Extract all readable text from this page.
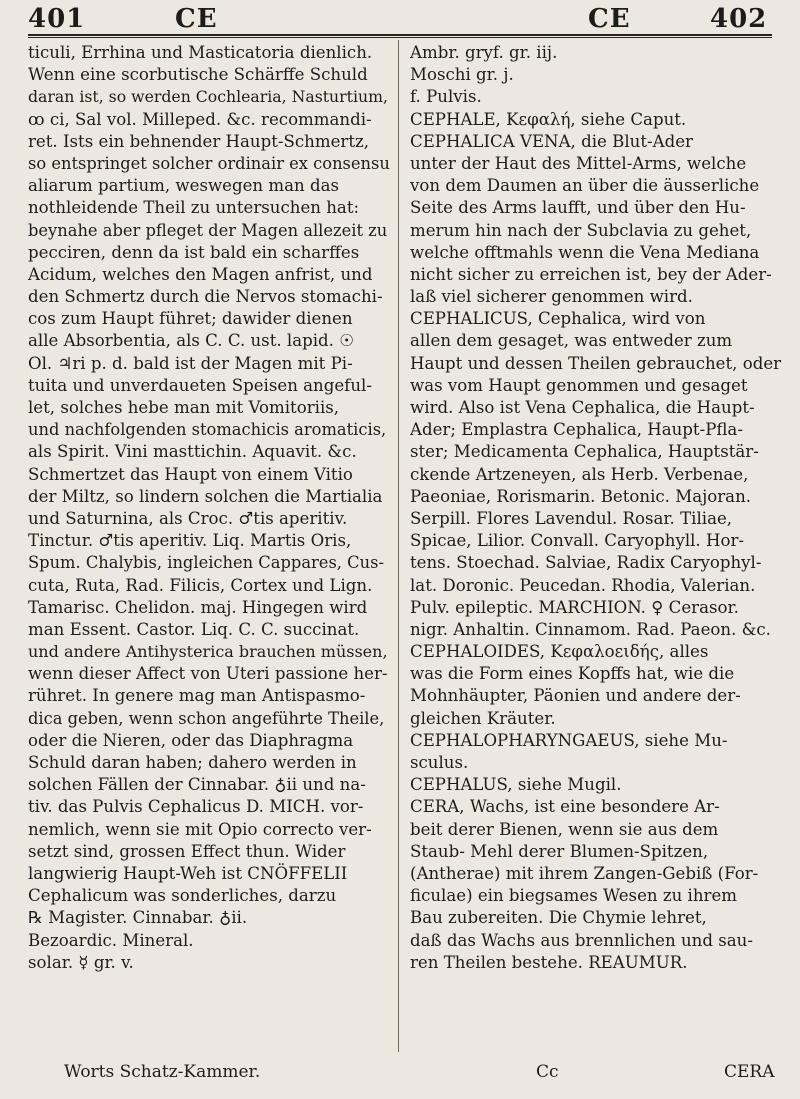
401	CE	CE	402
ticuli, Errhina und Masticatoria dienlich.
Wenn eine scorbutische Schärffe Schuld
daran ist, so werden Cochlearia, Nasturtium,
ꝏ ci, Sal vol. Milleped. &c. recommandi-
ret. Ists ein behnender Haupt-Schmertz,
so entspringet solcher ordinair ex consensu
aliarum partium, weswegen man das
nothleidende Theil zu untersuchen hat:
beynahe aber pfleget der Magen allezeit zu
pecciren, denn da ist bald ein scharffes
Acidum, welches den Magen anfrist, und
den Schmertz durch die Nervos stomachi-
cos zum Haupt führet; dawider dienen
alle Absorbentia, als C. C. ust. lapid. ☉
Ol. ♃ri p. d. bald ist der Magen mit Pi-
tuita und unverdaueten Speisen angeful-
let, solches hebe man mit Vomitoriis,
und nachfolgenden stomachicis aromaticis,
als Spirit. Vini masttichin. Aquavit. &c.
Schmertzet das Haupt von einem Vitio
der Miltz, so lindern solchen die Martialia
und Saturnina, als Croc. ♂tis aperitiv.
Tinctur. ♂tis aperitiv. Liq. Martis Oris,
Spum. Chalybis, ingleichen Cappares, Cus-
cuta, Ruta, Rad. Filicis, Cortex und Lign.
Tamarisc. Chelidon. maj. Hingegen wird
man Essent. Castor. Liq. C. C. succinat.
und andere Antihysterica brauchen müssen,
wenn dieser Affect von Uteri passione her-
rühret. In genere mag man Antispasmo-
dica geben, wenn schon angeführte Theile,
oder die Nieren, oder das Diaphragma
Schuld daran haben; dahero werden in
solchen Fällen der Cinnabar. ♁ii und na-
tiv. das Pulvis Cephalicus D. MICH. vor-
nemlich, wenn sie mit Opio correcto ver-
setzt sind, grossen Effect thun. Wider
langwierig Haupt-Weh ist CNÖFFELII
Cephalicum was sonderliches, darzu
℞ Magister. Cinnabar. ♁ii.
Bezoardic. Mineral.
solar. ☿ gr. v.
Ambr. gryf. gr. iij.
Moschi gr. j.
f. Pulvis.
CEPHALE, Κεφαλή, siehe Caput.
CEPHALICA VENA, die Blut-Ader
unter der Haut des Mittel-Arms, welche
von dem Daumen an über die äusserliche
Seite des Arms laufft, und über den Hu-
merum hin nach der Subclavia zu gehet,
welche offtmahls wenn die Vena Mediana
nicht sicher zu erreichen ist, bey der Ader-
laß viel sicherer genommen wird.
CEPHALICUS, Cephalica, wird von
allen dem gesaget, was entweder zum
Haupt und dessen Theilen gebrauchet, oder
was vom Haupt genommen und gesaget
wird. Also ist Vena Cephalica, die Haupt-
Ader; Emplastra Cephalica, Haupt-Pfla-
ster; Medicamenta Cephalica, Hauptstär-
ckende Artzeneyen, als Herb. Verbenae,
Paeoniae, Rorismarin. Betonic. Majoran.
Serpill. Flores Lavendul. Rosar. Tiliae,
Spicae, Lilior. Convall. Caryophyll. Hor-
tens. Stoechad. Salviae, Radix Caryophyl-
lat. Doronic. Peucedan. Rhodia, Valerian.
Pulv. epileptic. MARCHION. ♀ Cerasor.
nigr. Anhaltin. Cinnamom. Rad. Paeon. &c.
CEPHALOIDES, Κεφαλοειδής, alles
was die Form eines Kopffs hat, wie die
Mohnhäupter, Päonien und andere der-
gleichen Kräuter.
CEPHALOPHARYNGAEUS, siehe Mu-
sculus.
CEPHALUS, siehe Mugil.
CERA, Wachs, ist eine besondere Ar-
beit derer Bienen, wenn sie aus dem
Staub- Mehl derer Blumen-Spitzen,
(Antherae) mit ihrem Zangen-Gebiß (For-
ficulae) ein biegsames Wesen zu ihrem
Bau zubereiten. Die Chymie lehret,
daß das Wachs aus brennlichen und sau-
ren Theilen bestehe. REAUMUR.
Worts Schatz-Kammer.	Cc	CERA
